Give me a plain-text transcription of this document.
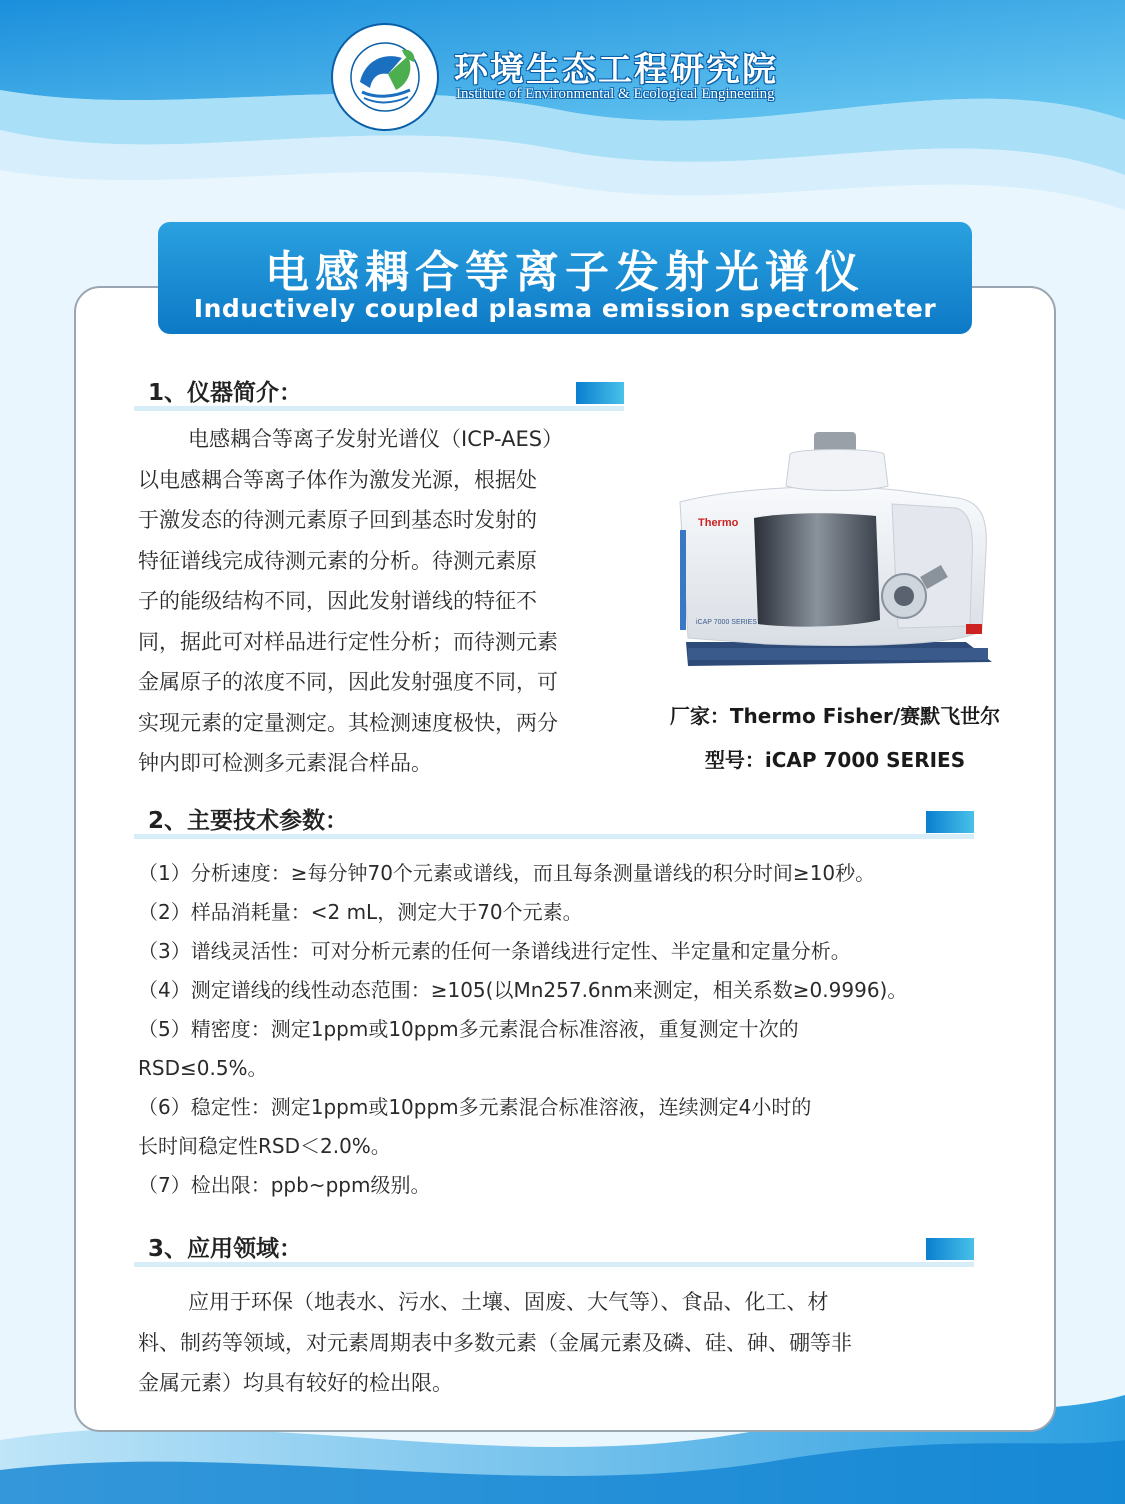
环境生态工程研究院
Institute of Environmental & Ecological Engineering
电感耦合等离子发射光谱仪
Inductively coupled plasma emission spectrometer
1、仪器简介：
电感耦合等离子发射光谱仪（ICP-AES）
以电感耦合等离子体作为激发光源，根据处
于激发态的待测元素原子回到基态时发射的
特征谱线完成待测元素的分析。待测元素原
子的能级结构不同，因此发射谱线的特征不
同，据此可对样品进行定性分析；而待测元素
金属原子的浓度不同，因此发射强度不同，可
实现元素的定量测定。其检测速度极快，两分
钟内即可检测多元素混合样品。
Thermo
iCAP 7000 SERIES
厂家：Thermo Fisher/赛默飞世尔
型号：iCAP 7000 SERIES
2、主要技术参数：
（1）分析速度：≥每分钟70个元素或谱线，而且每条测量谱线的积分时间≥10秒。
（2）样品消耗量：<2 mL，测定大于70个元素。
（3）谱线灵活性：可对分析元素的任何一条谱线进行定性、半定量和定量分析。
（4）测定谱线的线性动态范围：≥105(以Mn257.6nm来测定，相关系数≥0.9996)。
（5）精密度：测定1ppm或10ppm多元素混合标准溶液，重复测定十次的
RSD≤0.5%。
（6）稳定性：测定1ppm或10ppm多元素混合标准溶液，连续测定4小时的
长时间稳定性RSD＜2.0%。
（7）检出限：ppb~ppm级别。
3、应用领域：
应用于环保（地表水、污水、土壤、固废、大气等）、食品、化工、材
料、制药等领域，对元素周期表中多数元素（金属元素及磷、硅、砷、硼等非
金属元素）均具有较好的检出限。
